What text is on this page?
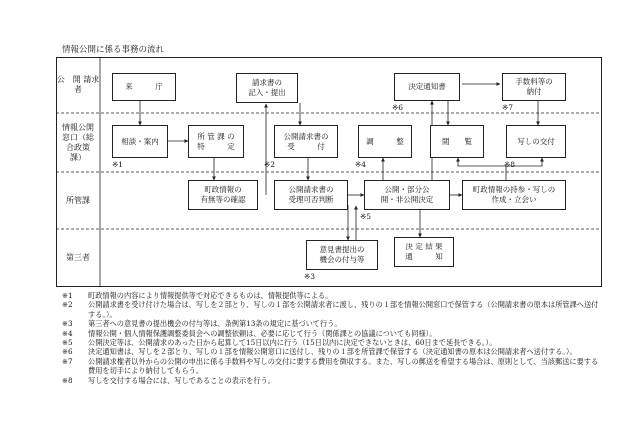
情報公開に係る事務の流れ
公　開 請求者
情報公開
窓口（総
合政策
課）
所管課
第三者
来　　　庁	請求書の
記入・提出
決定通知書
手数料等の
納付
相談・案内
所 管 課 の
特　　　定
公開請求書の
受　　　付
調　　　整	閲　　覧	写しの交付
町政情報の
有無等の確認
公開請求書の
受理可否判断
公開・部分公
開・非公開決定
町政情報の持参・写しの
作成・立会い
意見書提出の
機会の付与等
決 定 結 果
通　　　知
※1	※2
※3
※4
※5
※6	※7
※8
※1	町政情報の内容により情報提供等で対応できるものは、情報提供等による。
※2	公開請求書を受け付けた場合は、写しを２部とり、写しの１部を公開請求者に渡し、残りの１部を情報公開窓口で保管する（公開請求書の原本は所管課へ送付する。）。
※3	第三者への意見書の提出機会の付与等は、条例第13条の規定に基づいて行う。
※4	情報公開・個人情報保護調整委員会への調整依頼は、必要に応じて行う（関係課との協議についても同様）。
※5	公開決定等は、公開請求のあった日から起算して15日以内に行う（15日以内に決定できないときは、60日まで延長できる。）。
※6	決定通知書は、写しを２部とり、写しの１部を情報公開窓口に送付し、残りの１部を所管課で保管する（決定通知書の原本は公開請求者へ送付する。）。
※7	公開請求権者以外からの公開の申出に係る手数料や写しの交付に要する費用を徴収する。また、写しの郵送を希望する場合は、原則として、当該郵送に要する費用を切手により納付してもらう。
※8	写しを交付する場合には、写しであることの表示を行う。
